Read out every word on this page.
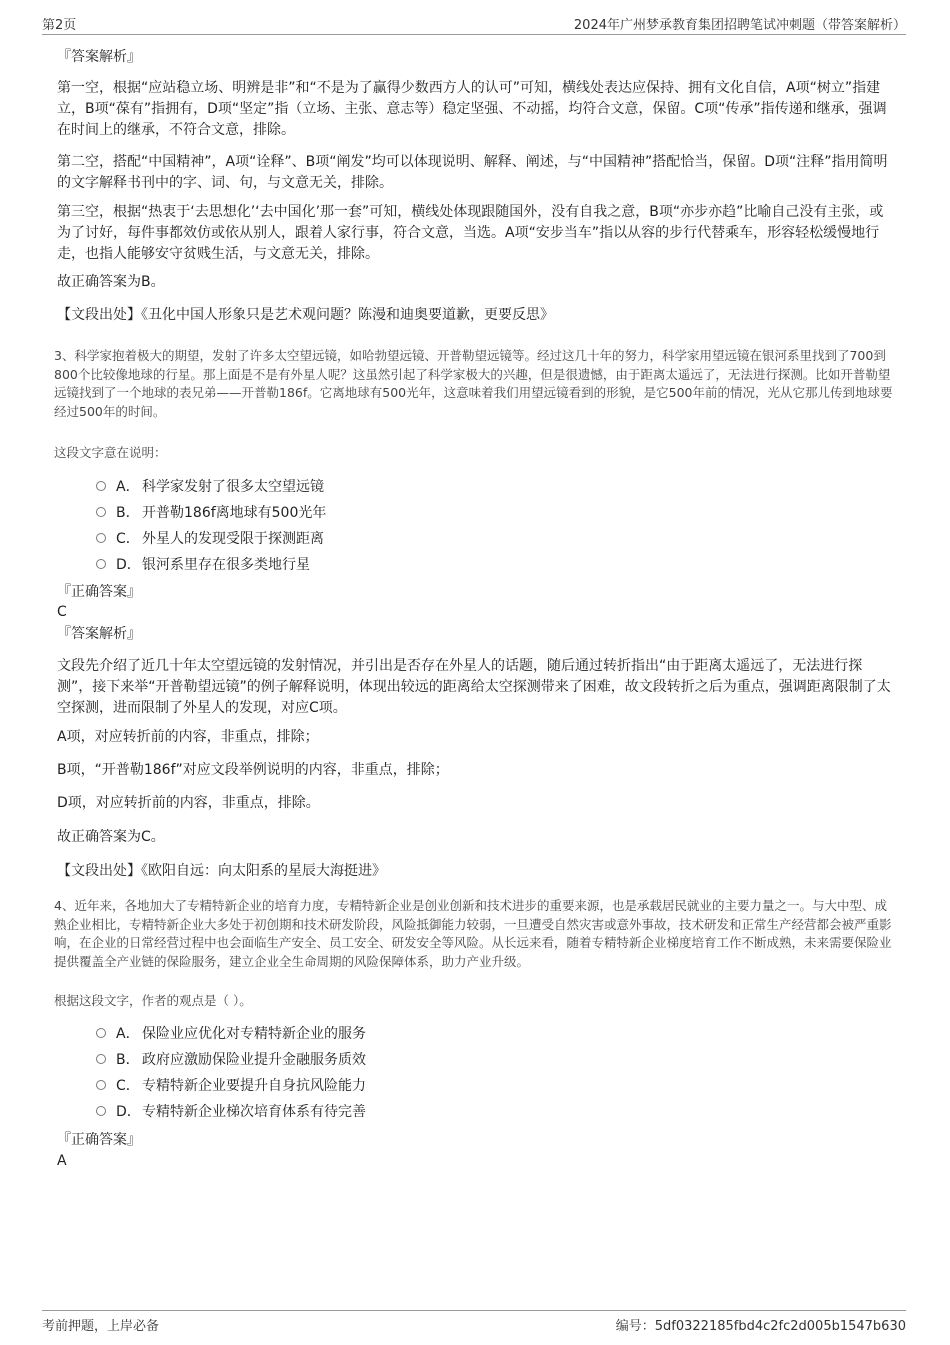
第2页	2024年广州梦承教育集团招聘笔试冲刺题（带答案解析）
『答案解析』
第一空，根据“应站稳立场、明辨是非”和“不是为了赢得少数西方人的认可”可知，横线处表达应保持、拥有文化自信，A项“树立”指建立，B项“葆有”指拥有，D项“坚定”指（立场、主张、意志等）稳定坚强、不动摇，均符合文意，保留。C项“传承”指传递和继承，强调在时间上的继承，不符合文意，排除。
第二空，搭配“中国精神”，A项“诠释”、B项“阐发”均可以体现说明、解释、阐述，与“中国精神”搭配恰当，保留。D项“注释”指用简明的文字解释书刊中的字、词、句，与文意无关，排除。
第三空，根据“热衷于‘去思想化’‘去中国化’那一套”可知，横线处体现跟随国外，没有自我之意，B项“亦步亦趋”比喻自己没有主张，或为了讨好，每件事都效仿或依从别人，跟着人家行事，符合文意，当选。A项“安步当车”指以从容的步行代替乘车，形容轻松缓慢地行走，也指人能够安守贫贱生活，与文意无关，排除。
故正确答案为B。
【文段出处】《丑化中国人形象只是艺术观问题？陈漫和迪奥要道歉，更要反思》
3、科学家抱着极大的期望，发射了许多太空望远镜，如哈勃望远镜、开普勒望远镜等。经过这几十年的努力，科学家用望远镜在银河系里找到了700到800个比较像地球的行星。那上面是不是有外星人呢？这虽然引起了科学家极大的兴趣，但是很遗憾，由于距离太遥远了，无法进行探测。比如开普勒望远镜找到了一个地球的表兄弟——开普勒186f。它离地球有500光年，这意味着我们用望远镜看到的形貌，是它500年前的情况，光从它那儿传到地球要经过500年的时间。
这段文字意在说明：
A． 科学家发射了很多太空望远镜
B． 开普勒186f离地球有500光年
C． 外星人的发现受限于探测距离
D．银河系里存在很多类地行星
『正确答案』
C
『答案解析』
文段先介绍了近几十年太空望远镜的发射情况，并引出是否存在外星人的话题，随后通过转折指出“由于距离太遥远了，无法进行探测”，接下来举“开普勒望远镜”的例子解释说明，体现出较远的距离给太空探测带来了困难，故文段转折之后为重点，强调距离限制了太空探测，进而限制了外星人的发现，对应C项。
A项，对应转折前的内容，非重点，排除；
B项，“开普勒186f”对应文段举例说明的内容，非重点，排除；
D项，对应转折前的内容，非重点，排除。
故正确答案为C。
【文段出处】《欧阳自远：向太阳系的星辰大海挺进》
4、近年来，各地加大了专精特新企业的培育力度，专精特新企业是创业创新和技术进步的重要来源，也是承载居民就业的主要力量之一。与大中型、成熟企业相比，专精特新企业大多处于初创期和技术研发阶段，风险抵御能力较弱，一旦遭受自然灾害或意外事故，技术研发和正常生产经营都会被严重影响，在企业的日常经营过程中也会面临生产安全、员工安全、研发安全等风险。从长远来看，随着专精特新企业梯度培育工作不断成熟，未来需要保险业提供覆盖全产业链的保险服务，建立企业全生命周期的风险保障体系，助力产业升级。
根据这段文字，作者的观点是（ ）。
A． 保险业应优化对专精特新企业的服务
B． 政府应激励保险业提升金融服务质效
C． 专精特新企业要提升自身抗风险能力
D．专精特新企业梯次培育体系有待完善
『正确答案』
A
考前押题，上岸必备	编号：5df0322185fbd4c2fc2d005b1547b630
